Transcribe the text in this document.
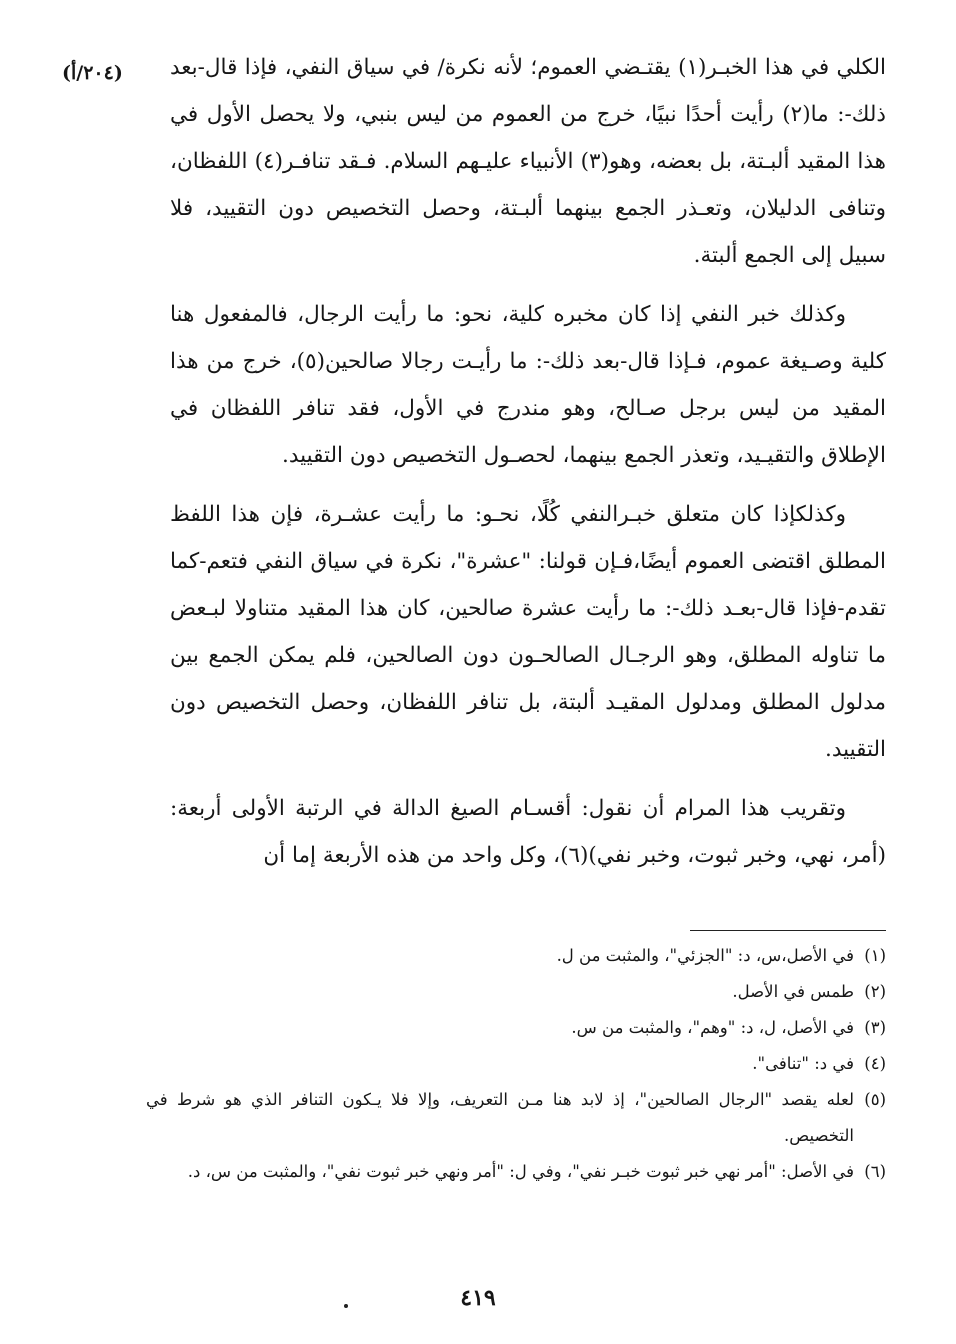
(٢٠٤/أ) الكلي في هذا الخبـر(١) يقتـضي العموم؛ لأنه نكرة/ في سياق النفي، فإذا قال-بعد ذلك-: ما(٢) رأيت أحدًا نبيًا، خرج من العموم من ليس بنبي، ولا يحصل الأول في هذا المقيد ألبـتة، بل بعضه، وهو(٣) الأنبياء عليـهم السلام. فـقد تنافـر(٤) اللفظان، وتنافى الدليلان، وتعـذر الجمع بينهما ألبـتة، وحصل التخصيص دون التقييد، فلا سبيل إلى الجمع ألبتة.

وكذلك خبر النفي إذا كان مخبره كلية، نحو: ما رأيت الرجال، فالمفعول هنا كلية وصـيغة عموم، فـإذا قال-بعد ذلك-: ما رأيـت رجالا صالحين(٥)، خرج من هذا المقيد من ليس برجل صـالح، وهو مندرج في الأول، فقد تنافر اللفظان في الإطلاق والتقيـيد، وتعذر الجمع بينهما، لحصـول التخصيص دون التقييد.

وكذلكإذا كان متعلق خبـرالنفي كُلًا، نحـو: ما رأيت عشـرة، فإن هذا اللفظ المطلق اقتضى العموم أيضًا،فـإن قولنا: "عشرة"، نكرة في سياق النفي فتعم-كما تقدم-فإذا قال-بعـد ذلك-: ما رأيت عشرة صالحين، كان هذا المقيد متناولا لبـعض ما تناوله المطلق، وهو الرجـال الصالحـون دون الصالحين، فلم يمكن الجمع بين مدلول المطلق ومدلول المقيـد ألبتة، بل تنافر اللفظان، وحصل التخصيص دون التقييد.

وتقريب هذا المرام أن نقول: أقسـام الصيغ الدالة في الرتبة الأولى أربعة: (أمر، نهي، وخبر ثبوت، وخبر نفي)(٦)، وكل واحد من هذه الأربعة إما أن

(١)
في الأصل،س، د: "الجزئي"، والمثبت من ل.

(٢)
طمس في الأصل.

(٣)
في الأصل، ل، د: "وهم"، والمثبت من س.

(٤)
في د: "تنافى".

(٥)
لعله يقصد "الرجال الصالحين"، إذ لابد هنا مـن التعريف، وإلا فلا يـكون التنافر الذي هو شرط في التخصيص.

(٦)
في الأصل: "أمر نهي خبر ثبوت خبـر نفي"، وفي ل: "أمر ونهي خبر ثبوت نفي"، والمثبت من س، د.

٤١٩
